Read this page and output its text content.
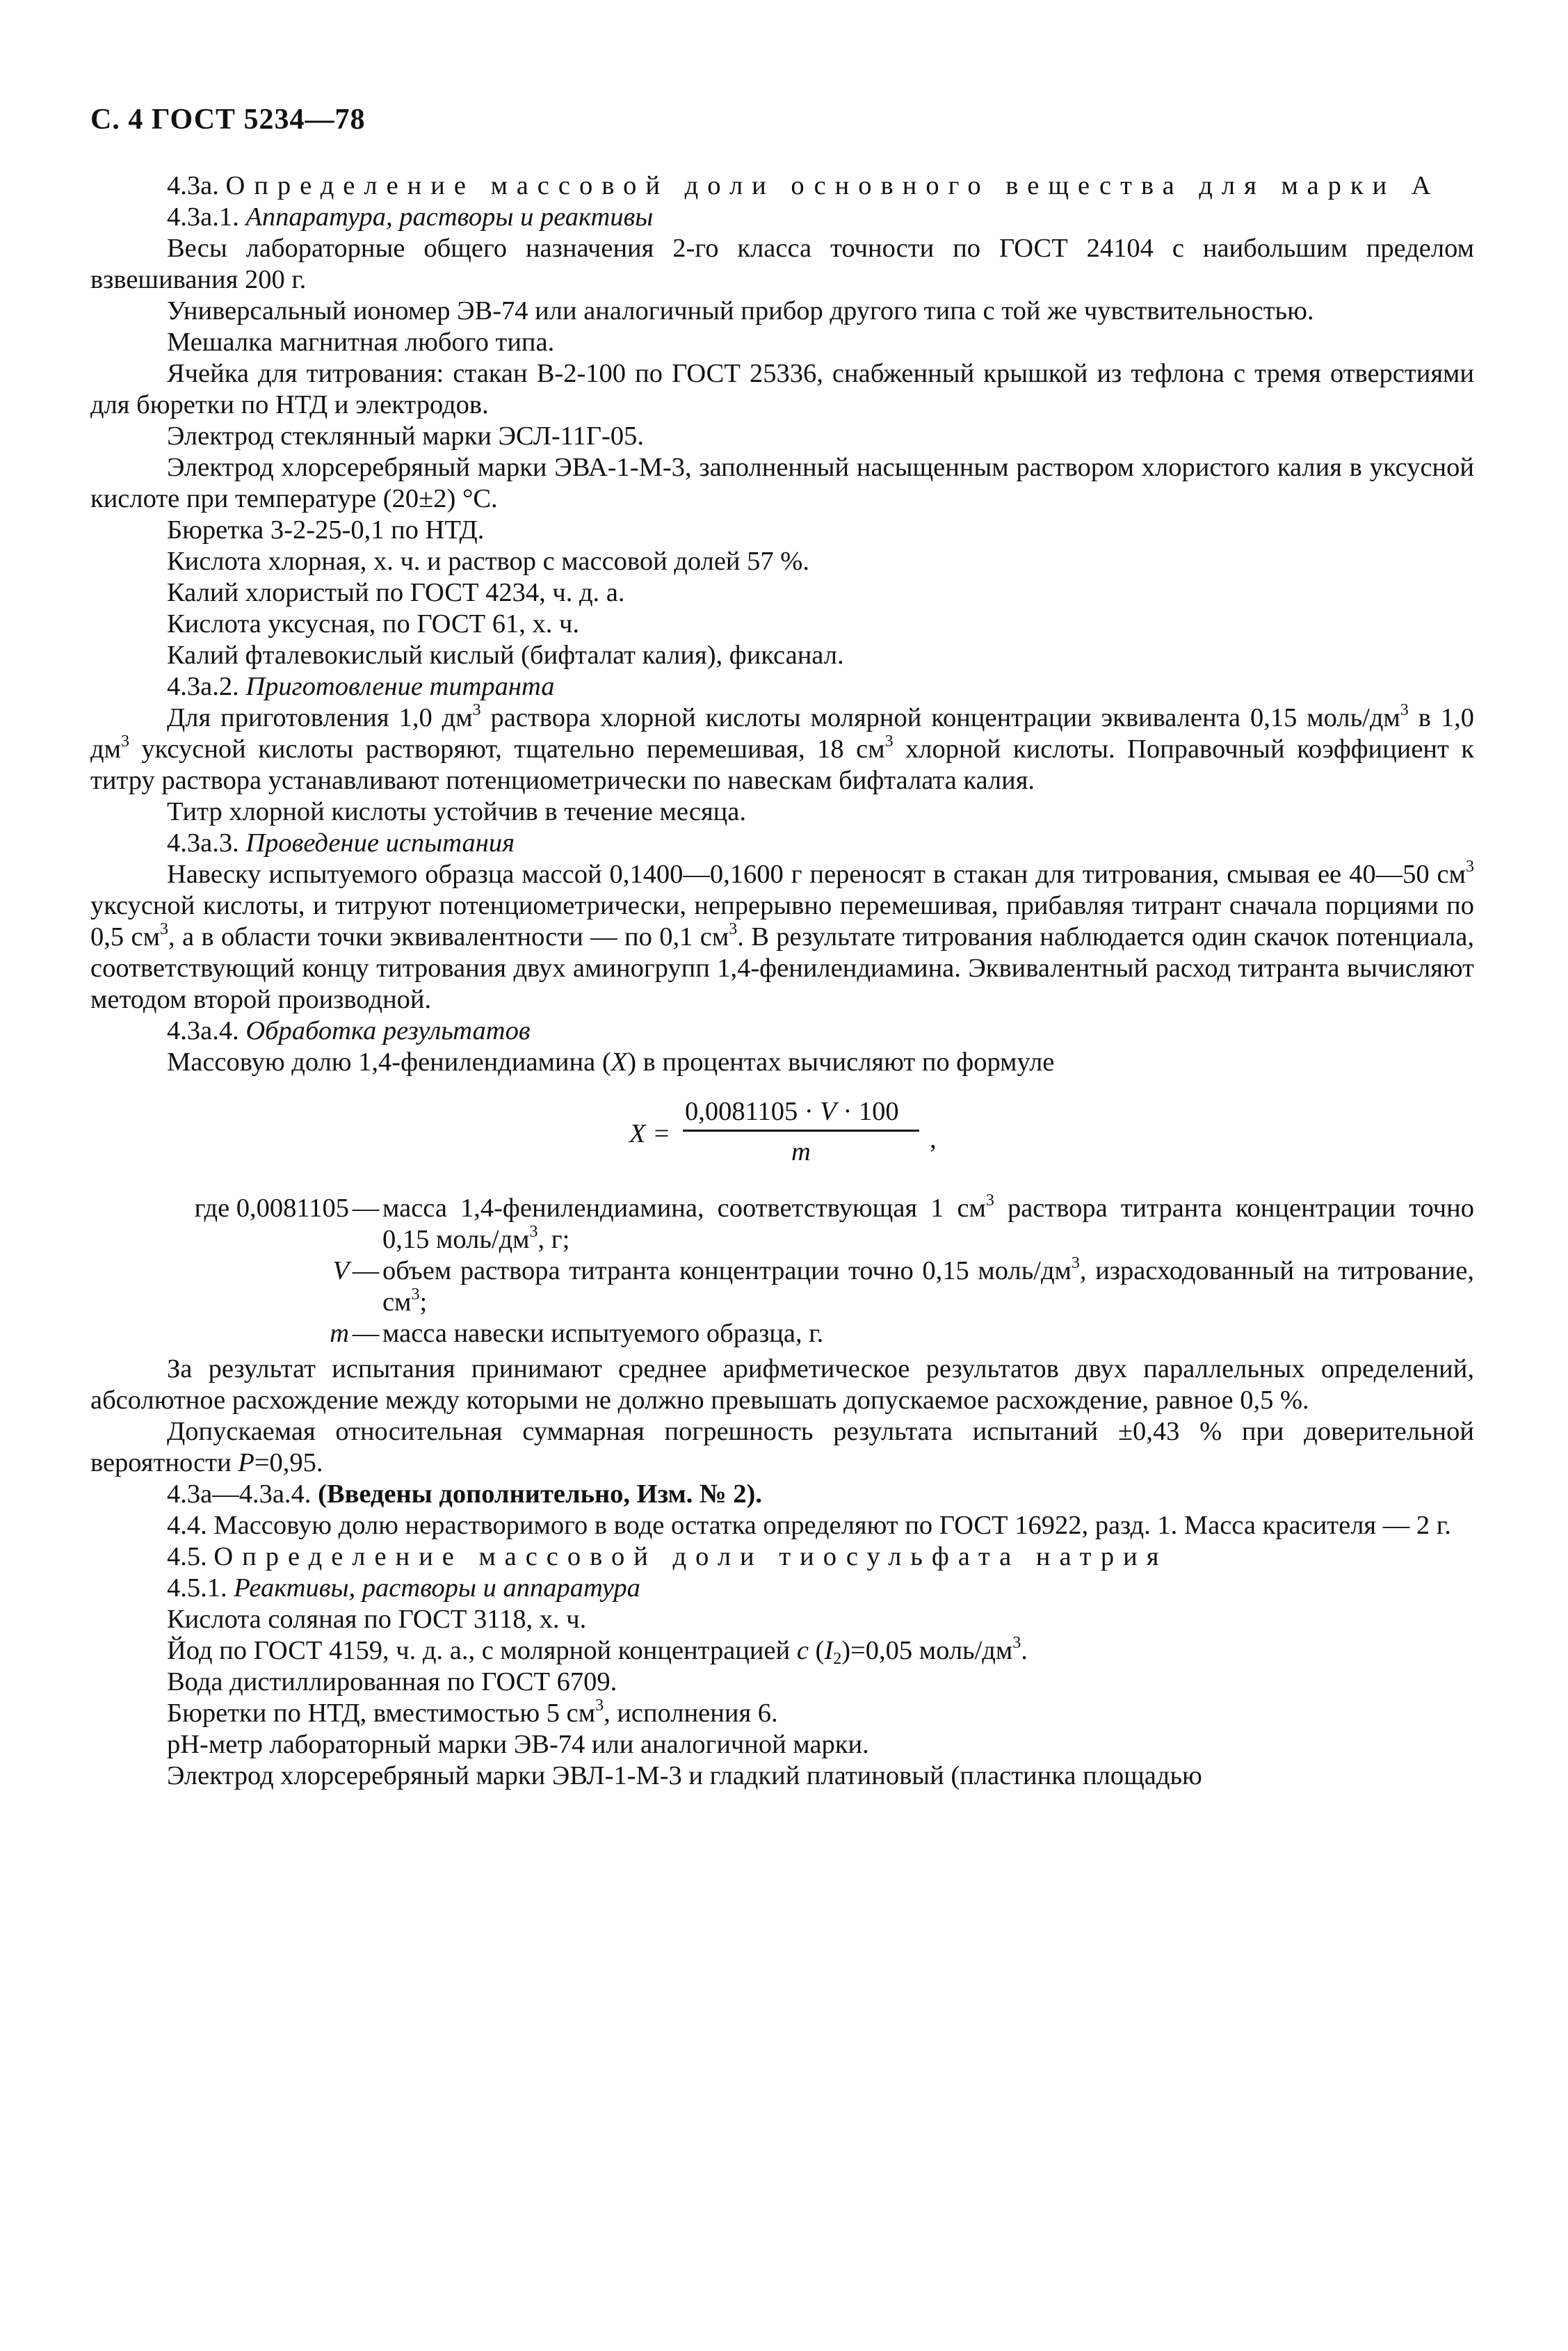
С. 4 ГОСТ 5234—78

4.3a. Определение массовой доли основного вещества для марки А

4.3a.1. Аппаратура, растворы и реактивы

Весы лабораторные общего назначения 2-го класса точности по ГОСТ 24104 с наибольшим пределом взвешивания 200 г.

Универсальный иономер ЭВ-74 или аналогичный прибор другого типа с той же чувствительностью.

Мешалка магнитная любого типа.

Ячейка для титрования: стакан В-2-100 по ГОСТ 25336, снабженный крышкой из тефлона с тремя отверстиями для бюретки по НТД и электродов.

Электрод стеклянный марки ЭСЛ-11Г-05.

Электрод хлорсеребряный марки ЭВА-1-М-3, заполненный насыщенным раствором хлористого калия в уксусной кислоте при температуре (20±2) °С.

Бюретка 3-2-25-0,1 по НТД.

Кислота хлорная, х. ч. и раствор с массовой долей 57 %.

Калий хлористый по ГОСТ 4234, ч. д. а.

Кислота уксусная, по ГОСТ 61, х. ч.

Калий фталевокислый кислый (бифталат калия), фиксанал.

4.3a.2. Приготовление титранта

Для приготовления 1,0 $дм^3$ раствора хлорной кислоты молярной концентрации эквивалента 0,15 моль/$дм^3$ в 1,0 $дм^3$ уксусной кислоты растворяют, тщательно перемешивая, 18 $см^3$ хлорной кислоты. Поправочный коэффициент к титру раствора устанавливают потенциометрически по навескам бифталата калия.

Титр хлорной кислоты устойчив в течение месяца.

4.3a.3. Проведение испытания

Навеску испытуемого образца массой 0,1400—0,1600 г переносят в стакан для титрования, смывая ее 40—50 $см^3$ уксусной кислоты, и титруют потенциометрически, непрерывно перемешивая, прибавляя титрант сначала порциями по 0,5 $см^3$, а в области точки эквивалентности — по 0,1 $см^3$. В результате титрования наблюдается один скачок потенциала, соответствующий концу титрования двух аминогрупп 1,4-фенилендиамина. Эквивалентный расход титранта вычисляют методом второй производной.

4.3a.4. Обработка результатов

Массовую долю 1,4-фенилендиамина (Х) в процентах вычисляют по формуле

X =
0,0081105 · V · 100
m	,
где 0,0081105 — масса 1,4-фенилендиамина, соответствующая 1 $см^3$ раствора титранта концентрации точно 0,15 моль/$дм^3$, г;
V — объем раствора титранта концентрации точно 0,15 моль/$дм^3$, израсходованный на титрование, $см^3$;
m — масса навески испытуемого образца, г.

За результат испытания принимают среднее арифметическое результатов двух параллельных определений, абсолютное расхождение между которыми не должно превышать допускаемое расхождение, равное 0,5 %.

Допускаемая относительная суммарная погрешность результата испытаний ±0,43 % при доверительной вероятности P=0,95.

4.3a—4.3a.4. (Введены дополнительно, Изм. № 2).

4.4. Массовую долю нерастворимого в воде остатка определяют по ГОСТ 16922, разд. 1. Масса красителя — 2 г.

4.5. Определение массовой доли тиосульфата натрия

4.5.1. Реактивы, растворы и аппаратура

Кислота соляная по ГОСТ 3118, х. ч.

Йод по ГОСТ 4159, ч. д. а., с молярной концентрацией c $(I_2)=0,05$ моль/$дм^3$.

Вода дистиллированная по ГОСТ 6709.

Бюретки по НТД, вместимостью 5 $см^3$, исполнения 6.

рН-метр лабораторный марки ЭВ-74 или аналогичной марки.

Электрод хлорсеребряный марки ЭВЛ-1-М-3 и гладкий платиновый (пластинка площадью
